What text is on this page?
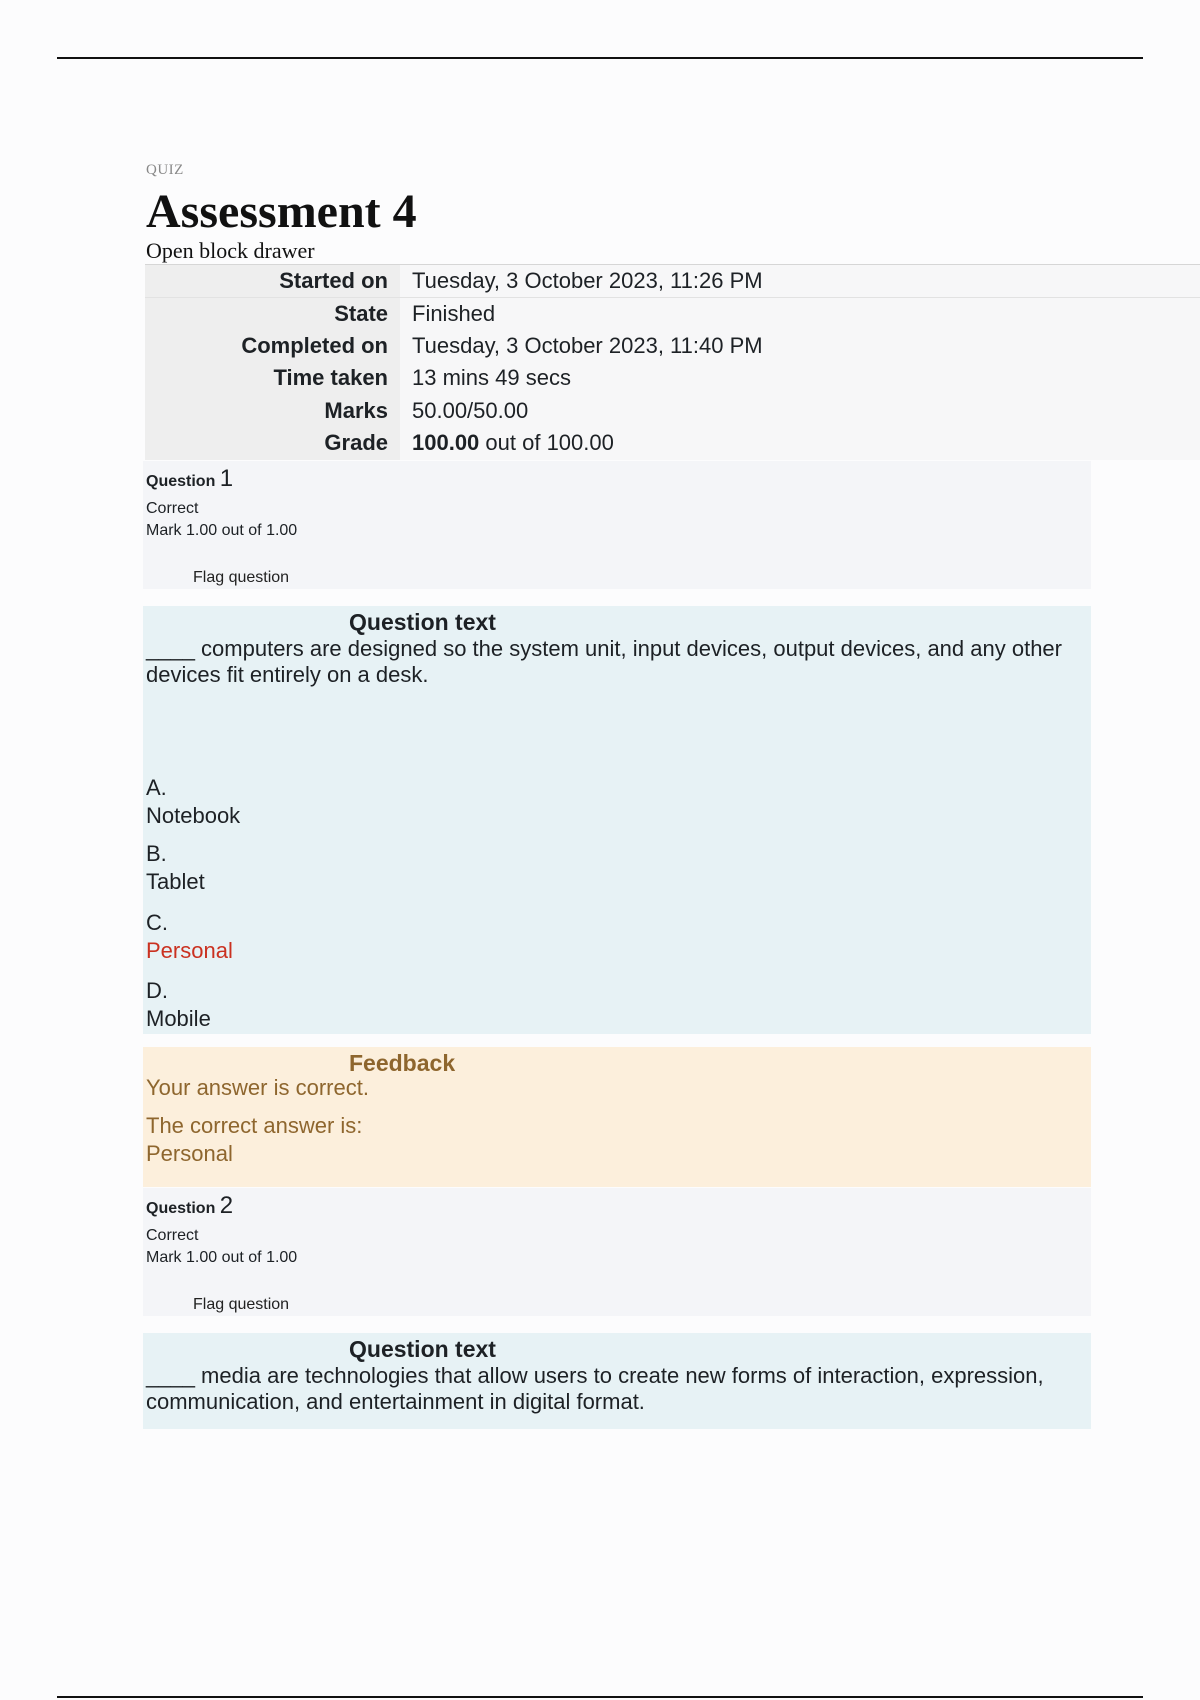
QUIZ
Assessment 4
Open block drawer
Started on	Tuesday, 3 October 2023, 11:26 PM
State	Finished
Completed on	Tuesday, 3 October 2023, 11:40 PM
Time taken	13 mins 49 secs
Marks	50.00/50.00
Grade	100.00 out of 100.00
Question 1
Correct
Mark 1.00 out of 1.00
Flag question
Question text
____ computers are designed so the system unit, input devices, output devices, and any other devices fit entirely on a desk.
A.
Notebook
B.
Tablet
C.
Personal
D.
Mobile
Feedback
Your answer is correct.
The correct answer is:
Personal
Question 2
Correct
Mark 1.00 out of 1.00
Flag question
Question text
____ media are technologies that allow users to create new forms of interaction, expression, communication, and entertainment in digital format.
